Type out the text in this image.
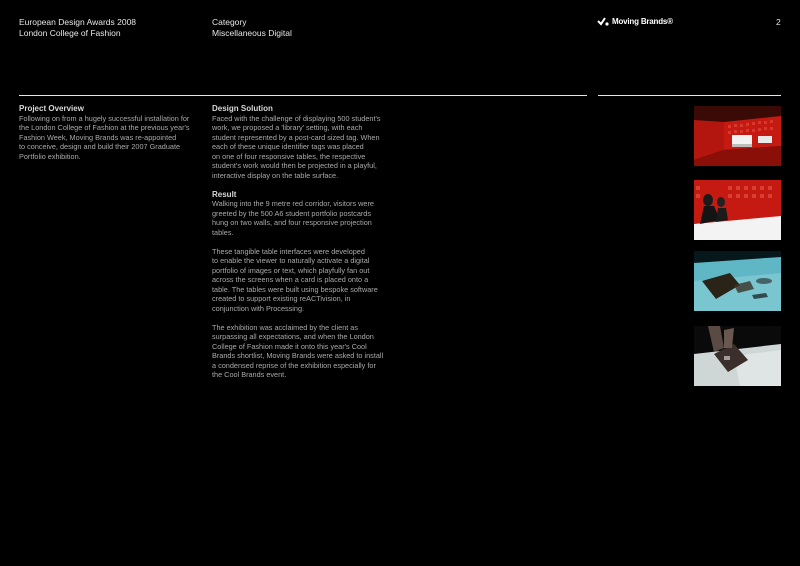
European Design Awards 2008
London College of Fashion
Category
Miscellaneous Digital
Moving Brands®	2
Project Overview
Following on from a hugely successful installation for
the London College of Fashion at the previous year's
Fashion Week, Moving Brands was re-appointed
to conceive, design and build their 2007 Graduate
Portfolio exhibition.
Design Solution
Faced with the challenge of displaying 500 student's
work, we proposed a 'library' setting, with each
student represented by a post-card sized tag. When
each of these unique identifier tags was placed
on one of four responsive tables, the respective
student's work would then be projected in a playful,
interactive display on the table surface.
Result
Walking into the 9 metre red corridor, visitors were
greeted by the 500 A6 student portfolio postcards
hung on two walls, and four responsive projection
tables.
These tangible table interfaces were developed
to enable the viewer to naturally activate a digital
portfolio of images or text, which playfully fan out
across the screens when a card is placed onto a
table. The tables were built using bespoke software
created to support existing reACTivision, in
conjunction with Processing.
The exhibition was acclaimed by the client as
surpassing all expectations, and when the London
College of Fashion made it onto this year's Cool
Brands shortlist, Moving Brands were asked to install
a condensed reprise of the exhibition especially for
the Cool Brands event.
